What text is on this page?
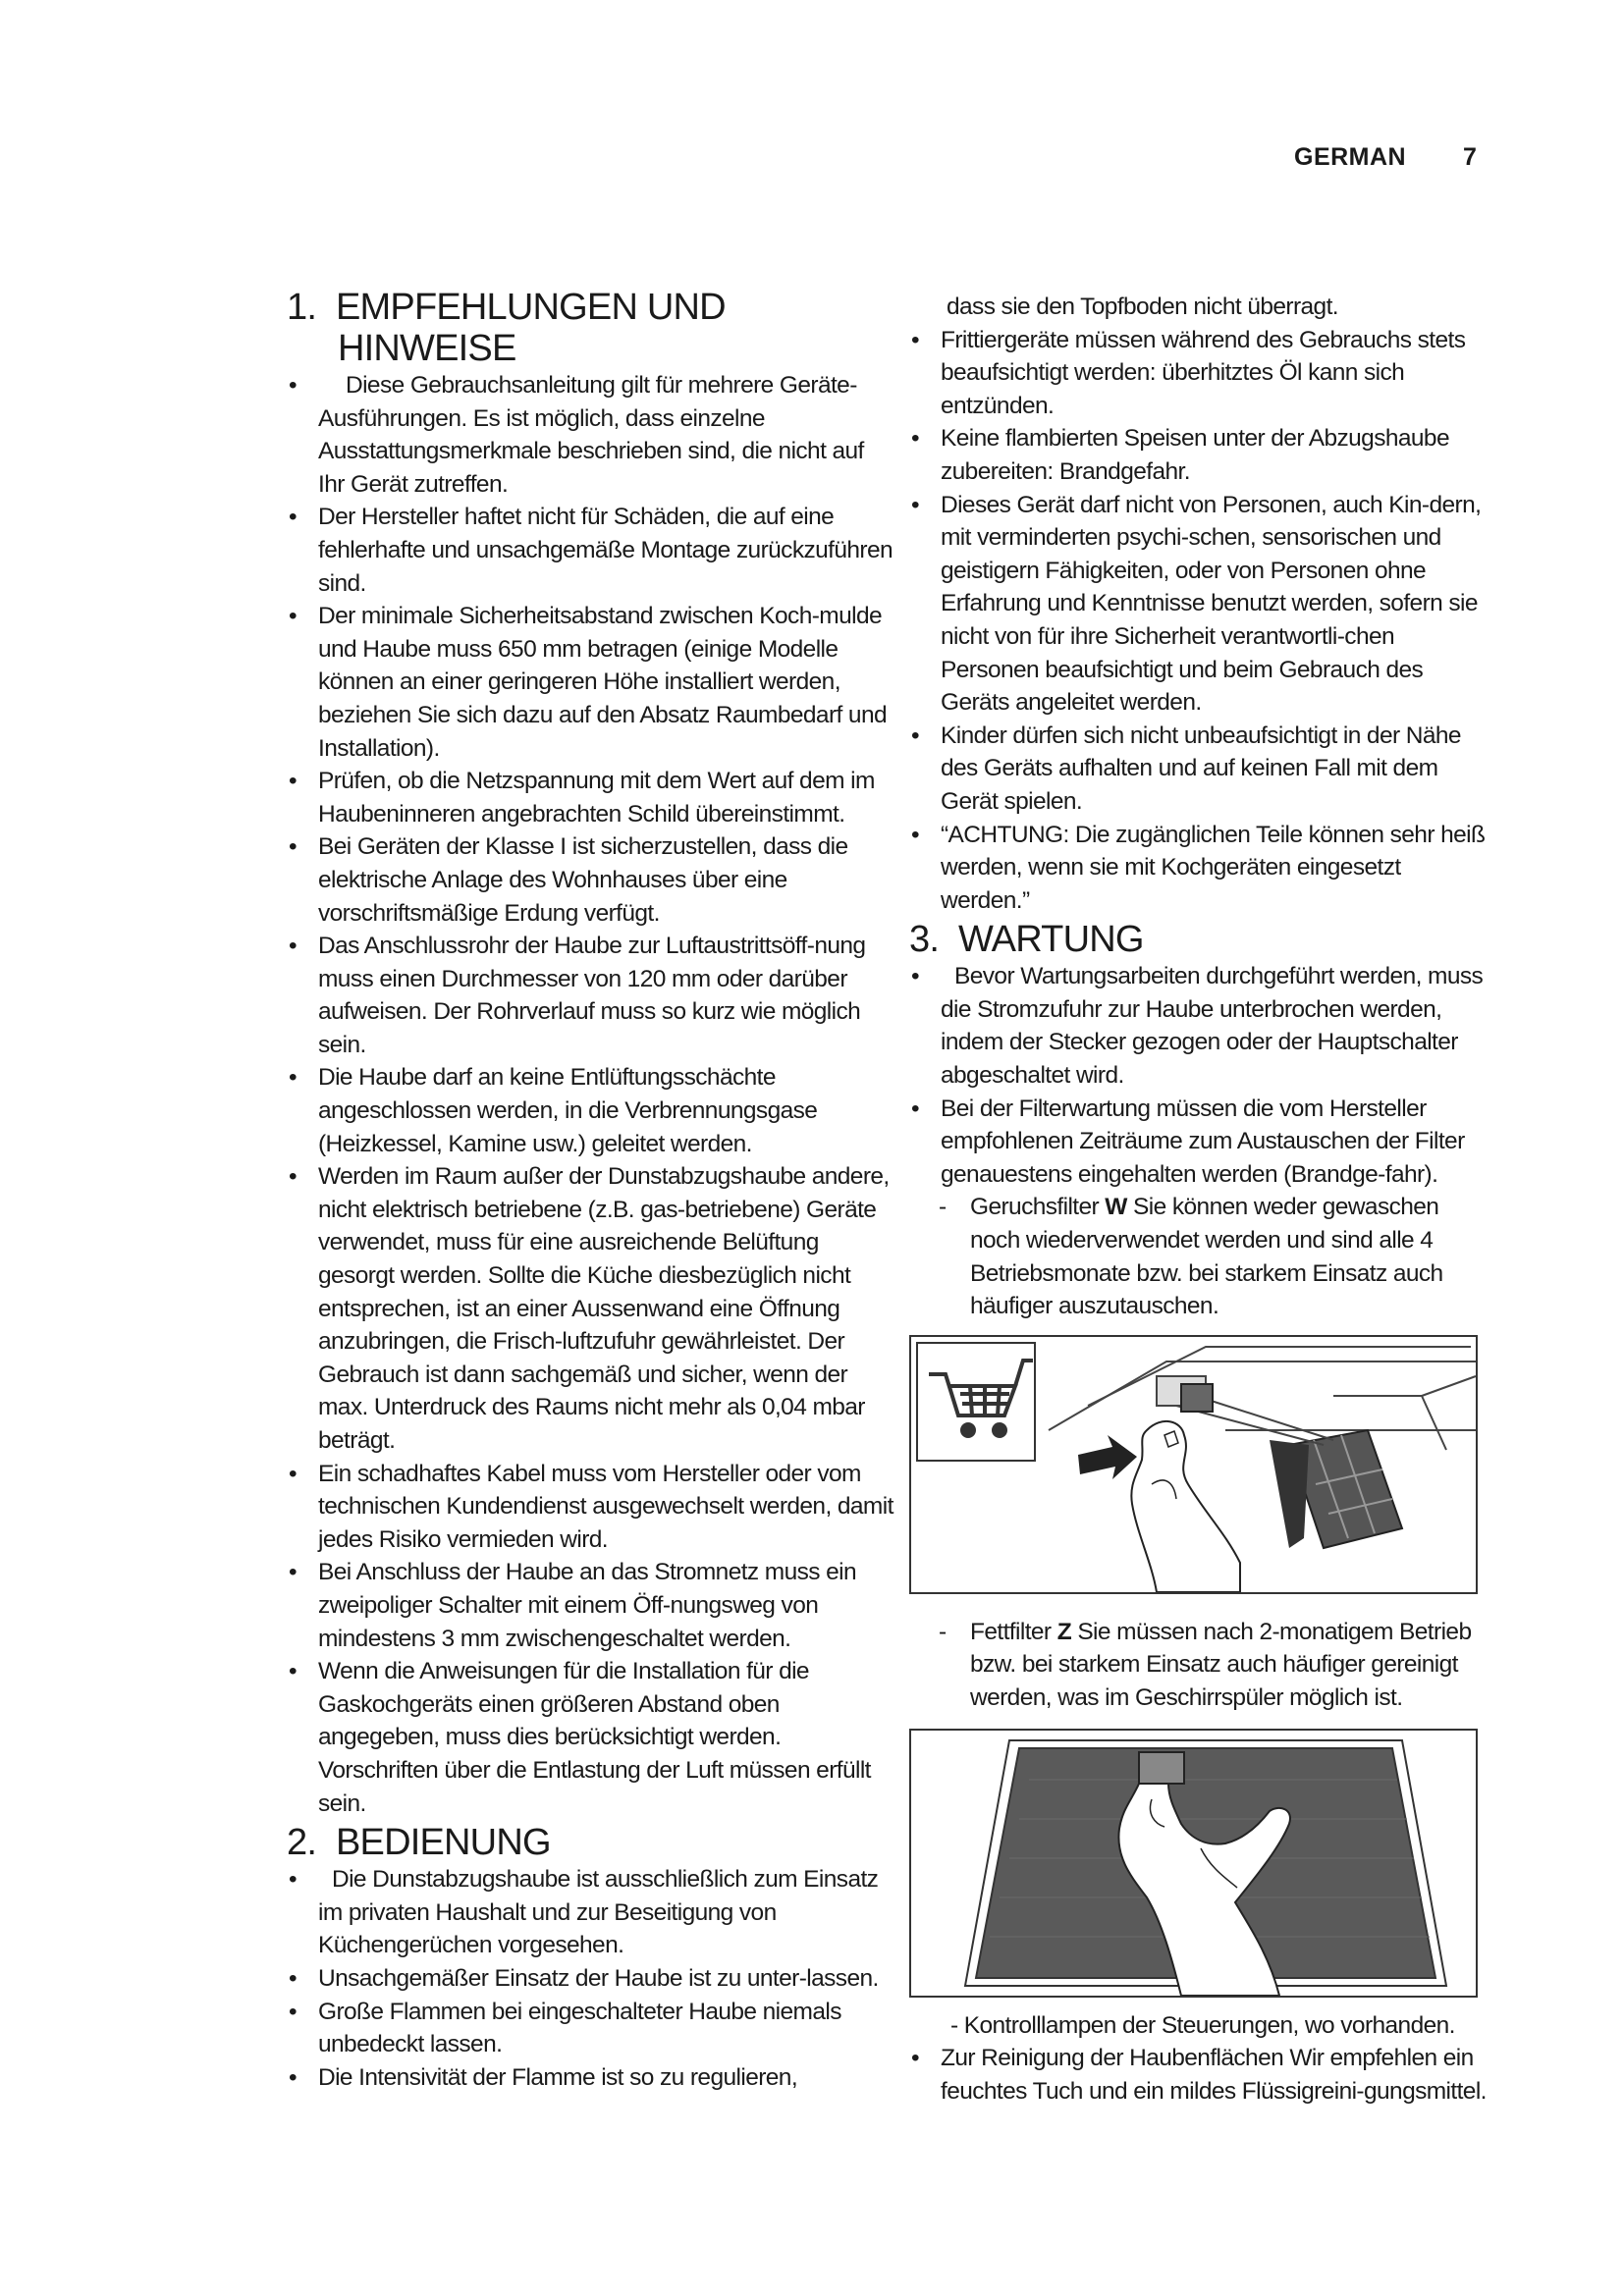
GERMAN 7
1. EMPFEHLUNGEN UND
HINWEISE
• Diese Gebrauchsanleitung gilt für mehrere Geräte-Ausführungen. Es ist möglich, dass einzelne Ausstattungsmerkmale beschrieben sind, die nicht auf Ihr Gerät zutreffen.
• Der Hersteller haftet nicht für Schäden, die auf eine fehlerhafte und unsachgemäße Montage zurückzuführen sind.
• Der minimale Sicherheitsabstand zwischen Koch-mulde und Haube muss 650 mm betragen (einige Modelle können an einer geringeren Höhe installiert werden, beziehen Sie sich dazu auf den Absatz Raumbedarf und Installation).
• Prüfen, ob die Netzspannung mit dem Wert auf dem im Haubeninneren angebrachten Schild übereinstimmt.
• Bei Geräten der Klasse I ist sicherzustellen, dass die elektrische Anlage des Wohnhauses über eine vorschriftsmäßige Erdung verfügt.
• Das Anschlussrohr der Haube zur Luftaustrittsöff-nung muss einen Durchmesser von 120 mm oder darüber aufweisen. Der Rohrverlauf muss so kurz wie möglich sein.
• Die Haube darf an keine Entlüftungsschächte angeschlossen werden, in die Verbrennungsgase (Heizkessel, Kamine usw.) geleitet werden.
• Werden im Raum außer der Dunstabzugshaube andere, nicht elektrisch betriebene (z.B. gas-betriebene) Geräte verwendet, muss für eine ausreichende Belüftung gesorgt werden. Sollte die Küche diesbezüglich nicht entsprechen, ist an einer Aussenwand eine Öffnung anzubringen, die Frisch-luftzufuhr gewährleistet. Der Gebrauch ist dann sachgemäß und sicher, wenn der max. Unterdruck des Raums nicht mehr als 0,04 mbar beträgt.
• Ein schadhaftes Kabel muss vom Hersteller oder vom technischen Kundendienst ausgewechselt werden, damit jedes Risiko vermieden wird.
• Bei Anschluss der Haube an das Stromnetz muss ein zweipoliger Schalter mit einem Öff-nungsweg von mindestens 3 mm zwischengeschaltet werden.
• Wenn die Anweisungen für die Installation für die Gaskochgeräts einen größeren Abstand oben angegeben, muss dies berücksichtigt werden. Vorschriften über die Entlastung der Luft müssen erfüllt sein.
2. BEDIENUNG
• Die Dunstabzugshaube ist ausschließlich zum Einsatz im privaten Haushalt und zur Beseitigung von Küchengerüchen vorgesehen.
• Unsachgemäßer Einsatz der Haube ist zu unter-lassen.
• Große Flammen bei eingeschalteter Haube niemals unbedeckt lassen.
• Die Intensivität der Flamme ist so zu regulieren,
dass sie den Topfboden nicht überragt.
• Frittiergeräte müssen während des Gebrauchs stets beaufsichtigt werden: überhitztes Öl kann sich entzünden.
• Keine flambierten Speisen unter der Abzugshaube zubereiten: Brandgefahr.
• Dieses Gerät darf nicht von Personen, auch Kin-dern, mit verminderten psychi-schen, sensorischen und geistigern Fähigkeiten, oder von Personen ohne Erfahrung und Kenntnisse benutzt werden, sofern sie nicht von für ihre Sicherheit verantwortli-chen Personen beaufsichtigt und beim Gebrauch des Geräts angeleitet werden.
• Kinder dürfen sich nicht unbeaufsichtigt in der Nähe des Geräts aufhalten und auf keinen Fall mit dem Gerät spielen.
• “ACHTUNG: Die zugänglichen Teile können sehr heiß werden, wenn sie mit Kochgeräten eingesetzt werden.”
3. WARTUNG
• Bevor Wartungsarbeiten durchgeführt werden, muss die Stromzufuhr zur Haube unterbrochen werden, indem der Stecker gezogen oder der Hauptschalter abgeschaltet wird.
• Bei der Filterwartung müssen die vom Hersteller empfohlenen Zeiträume zum Austauschen der Filter genauestens eingehalten werden (Brandge-fahr).
- Geruchsfilter W Sie können weder gewaschen noch wiederverwendet werden und sind alle 4 Betriebsmonate bzw. bei starkem Einsatz auch häufiger auszutauschen.
- Fettfilter Z Sie müssen nach 2-monatigem Betrieb bzw. bei starkem Einsatz auch häufiger gereinigt werden, was im Geschirrspüler möglich ist.
- Kontrolllampen der Steuerungen, wo vorhanden.
• Zur Reinigung der Haubenflächen Wir empfehlen ein feuchtes Tuch und ein mildes Flüssigreini-gungsmittel.
